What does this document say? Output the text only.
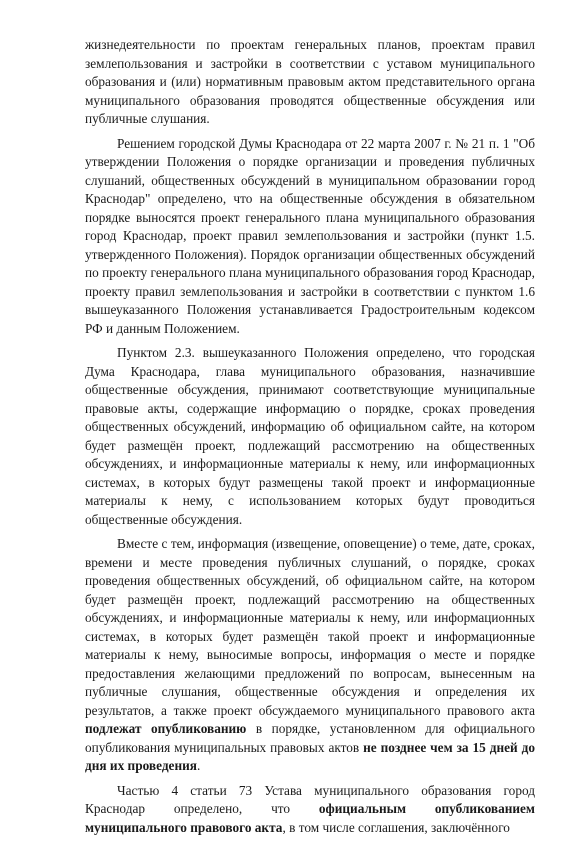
жизнедеятельности по проектам генеральных планов, проектам правил землепользования и застройки в соответствии с уставом муниципального образования и (или) нормативным правовым актом представительного органа муниципального образования проводятся общественные обсуждения или публичные слушания.

Решением городской Думы Краснодара от 22 марта 2007 г. № 21 п. 1 "Об утверждении Положения о порядке организации и проведения публичных слушаний, общественных обсуждений в муниципальном образовании город Краснодар" определено, что на общественные обсуждения в обязательном порядке выносятся проект генерального плана муниципального образования город Краснодар, проект правил землепользования и застройки (пункт 1.5. утвержденного Положения). Порядок организации общественных обсуждений по проекту генерального плана муниципального образования город Краснодар, проекту правил землепользования и застройки в соответствии с пунктом 1.6 вышеуказанного Положения устанавливается Градостроительным кодексом РФ и данным Положением.

Пунктом 2.3. вышеуказанного Положения определено, что городская Дума Краснодара, глава муниципального образования, назначившие общественные обсуждения, принимают соответствующие муниципальные правовые акты, содержащие информацию о порядке, сроках проведения общественных обсуждений, информацию об официальном сайте, на котором будет размещён проект, подлежащий рассмотрению на общественных обсуждениях, и информационные материалы к нему, или информационных системах, в которых будут размещены такой проект и информационные материалы к нему, с использованием которых будут проводиться общественные обсуждения.

Вместе с тем, информация (извещение, оповещение) о теме, дате, сроках, времени и месте проведения публичных слушаний, о порядке, сроках проведения общественных обсуждений, об официальном сайте, на котором будет размещён проект, подлежащий рассмотрению на общественных обсуждениях, и информационные материалы к нему, или информационных системах, в которых будет размещён такой проект и информационные материалы к нему, выносимые вопросы, информация о месте и порядке предоставления желающими предложений по вопросам, вынесенным на публичные слушания, общественные обсуждения и определения их результатов, а также проект обсуждаемого муниципального правового акта подлежат опубликованию в порядке, установленном для официального опубликования муниципальных правовых актов не позднее чем за 15 дней до дня их проведения.

Частью 4 статьи 73 Устава муниципального образования город Краснодар определено, что официальным опубликованием муниципального правового акта, в том числе соглашения, заключённого
